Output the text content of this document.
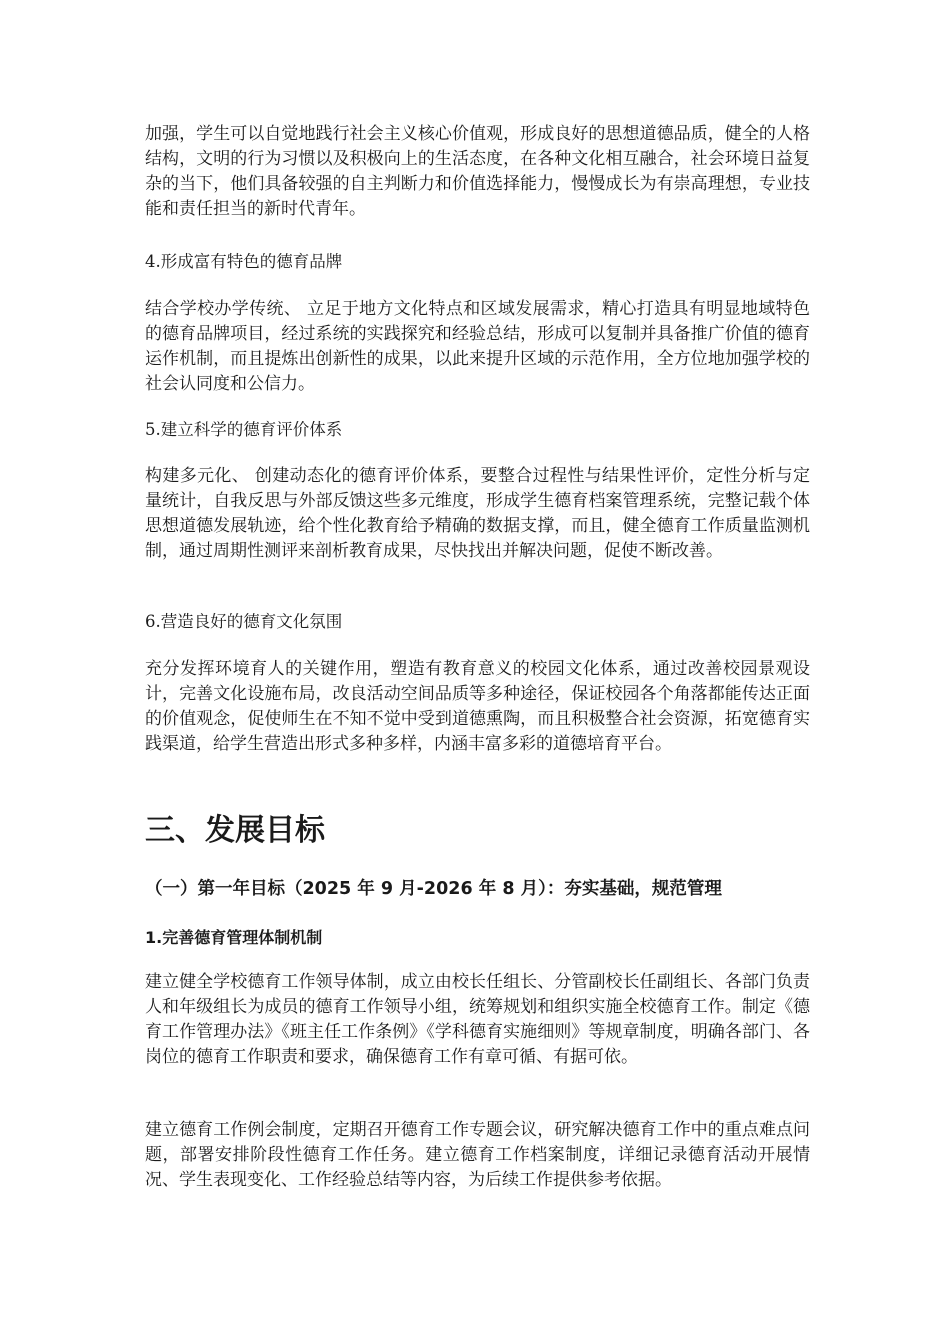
加强，学生可以自觉地践行社会主义核心价值观，形成良好的思想道德品质，健全的人格结构，文明的行为习惯以及积极向上的生活态度，在各种文化相互融合，社会环境日益复杂的当下，他们具备较强的自主判断力和价值选择能力，慢慢成长为有崇高理想，专业技能和责任担当的新时代青年。

4.形成富有特色的德育品牌

结合学校办学传统、 立足于地方文化特点和区域发展需求，精心打造具有明显地域特色的德育品牌项目，经过系统的实践探究和经验总结，形成可以复制并具备推广价值的德育运作机制，而且提炼出创新性的成果，以此来提升区域的示范作用，全方位地加强学校的社会认同度和公信力。

5.建立科学的德育评价体系

构建多元化、 创建动态化的德育评价体系，要整合过程性与结果性评价，定性分析与定量统计，自我反思与外部反馈这些多元维度，形成学生德育档案管理系统，完整记载个体思想道德发展轨迹，给个性化教育给予精确的数据支撑，而且，健全德育工作质量监测机制，通过周期性测评来剖析教育成果，尽快找出并解决问题，促使不断改善。

6.营造良好的德育文化氛围

充分发挥环境育人的关键作用，塑造有教育意义的校园文化体系，通过改善校园景观设计，完善文化设施布局，改良活动空间品质等多种途径，保证校园各个角落都能传达正面的价值观念，促使师生在不知不觉中受到道德熏陶，而且积极整合社会资源，拓宽德育实践渠道，给学生营造出形式多种多样，内涵丰富多彩的道德培育平台。

三、发展目标
（一）第一年目标（2025 年 9 月-2026 年 8 月）：夯实基础，规范管理
1.完善德育管理体制机制

建立健全学校德育工作领导体制，成立由校长任组长、分管副校长任副组长、各部门负责人和年级组长为成员的德育工作领导小组，统筹规划和组织实施全校德育工作。制定《德育工作管理办法》《班主任工作条例》《学科德育实施细则》等规章制度，明确各部门、各岗位的德育工作职责和要求，确保德育工作有章可循、有据可依。

建立德育工作例会制度，定期召开德育工作专题会议，研究解决德育工作中的重点难点问题，部署安排阶段性德育工作任务。建立德育工作档案制度，详细记录德育活动开展情况、学生表现变化、工作经验总结等内容，为后续工作提供参考依据。
